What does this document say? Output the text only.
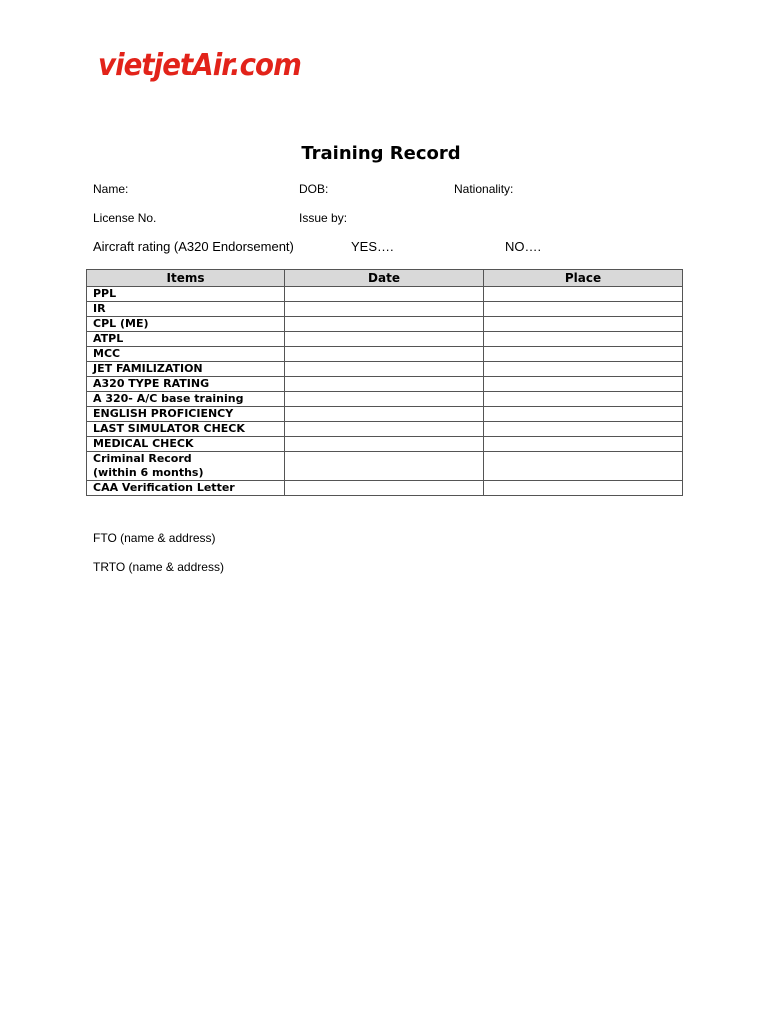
vietjetAir.com
Training Record
Name:	DOB:	Nationality:
License No.	Issue by:
Aircraft rating (A320 Endorsement)	YES….	NO….
Items	Date	Place
PPL		
IR		
CPL (ME)		
ATPL		
MCC		
JET FAMILIZATION		
A320 TYPE RATING		
A 320- A/C base training		
ENGLISH PROFICIENCY		
LAST SIMULATOR CHECK		
MEDICAL CHECK		
Criminal Record
(within 6 months)		
CAA Verification Letter		
FTO (name & address)
TRTO (name & address)
